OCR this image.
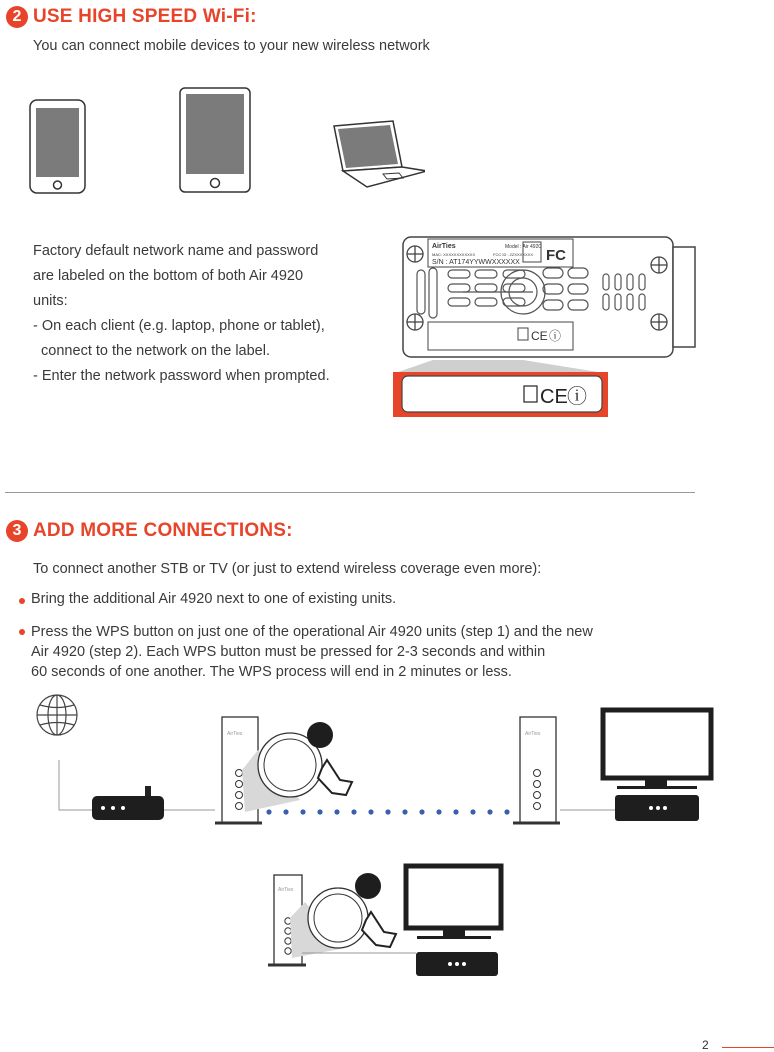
2 USE HIGH SPEED Wi-Fi:
You can connect mobile devices to your new wireless network
Factory default network name and password
are labeled on the bottom of both Air 4920
units:
- On each client (e.g. laptop, phone or tablet),
connect to the network on the label.
- Enter the network password when prompted.
AirTies	Model : Air 4920
MAC: XXXXXXXXXXXX	FCC ID : 2ZXXXXXXX
S/N : AT174YYWWXXXXXX FC
CE ⓘ
CE ⓘ
3 ADD MORE CONNECTIONS:
To connect another STB or TV (or just to extend wireless coverage even more):
Bring the additional Air 4920 next to one of existing units.
Press the WPS button on just one of the operational Air 4920 units (step 1) and the new
Air 4920 (step 2). Each WPS button must be pressed for 2-3 seconds and within
60 seconds of one another. The WPS process will end in 2 minutes or less.
AirTies	AirTies
AirTies
2
